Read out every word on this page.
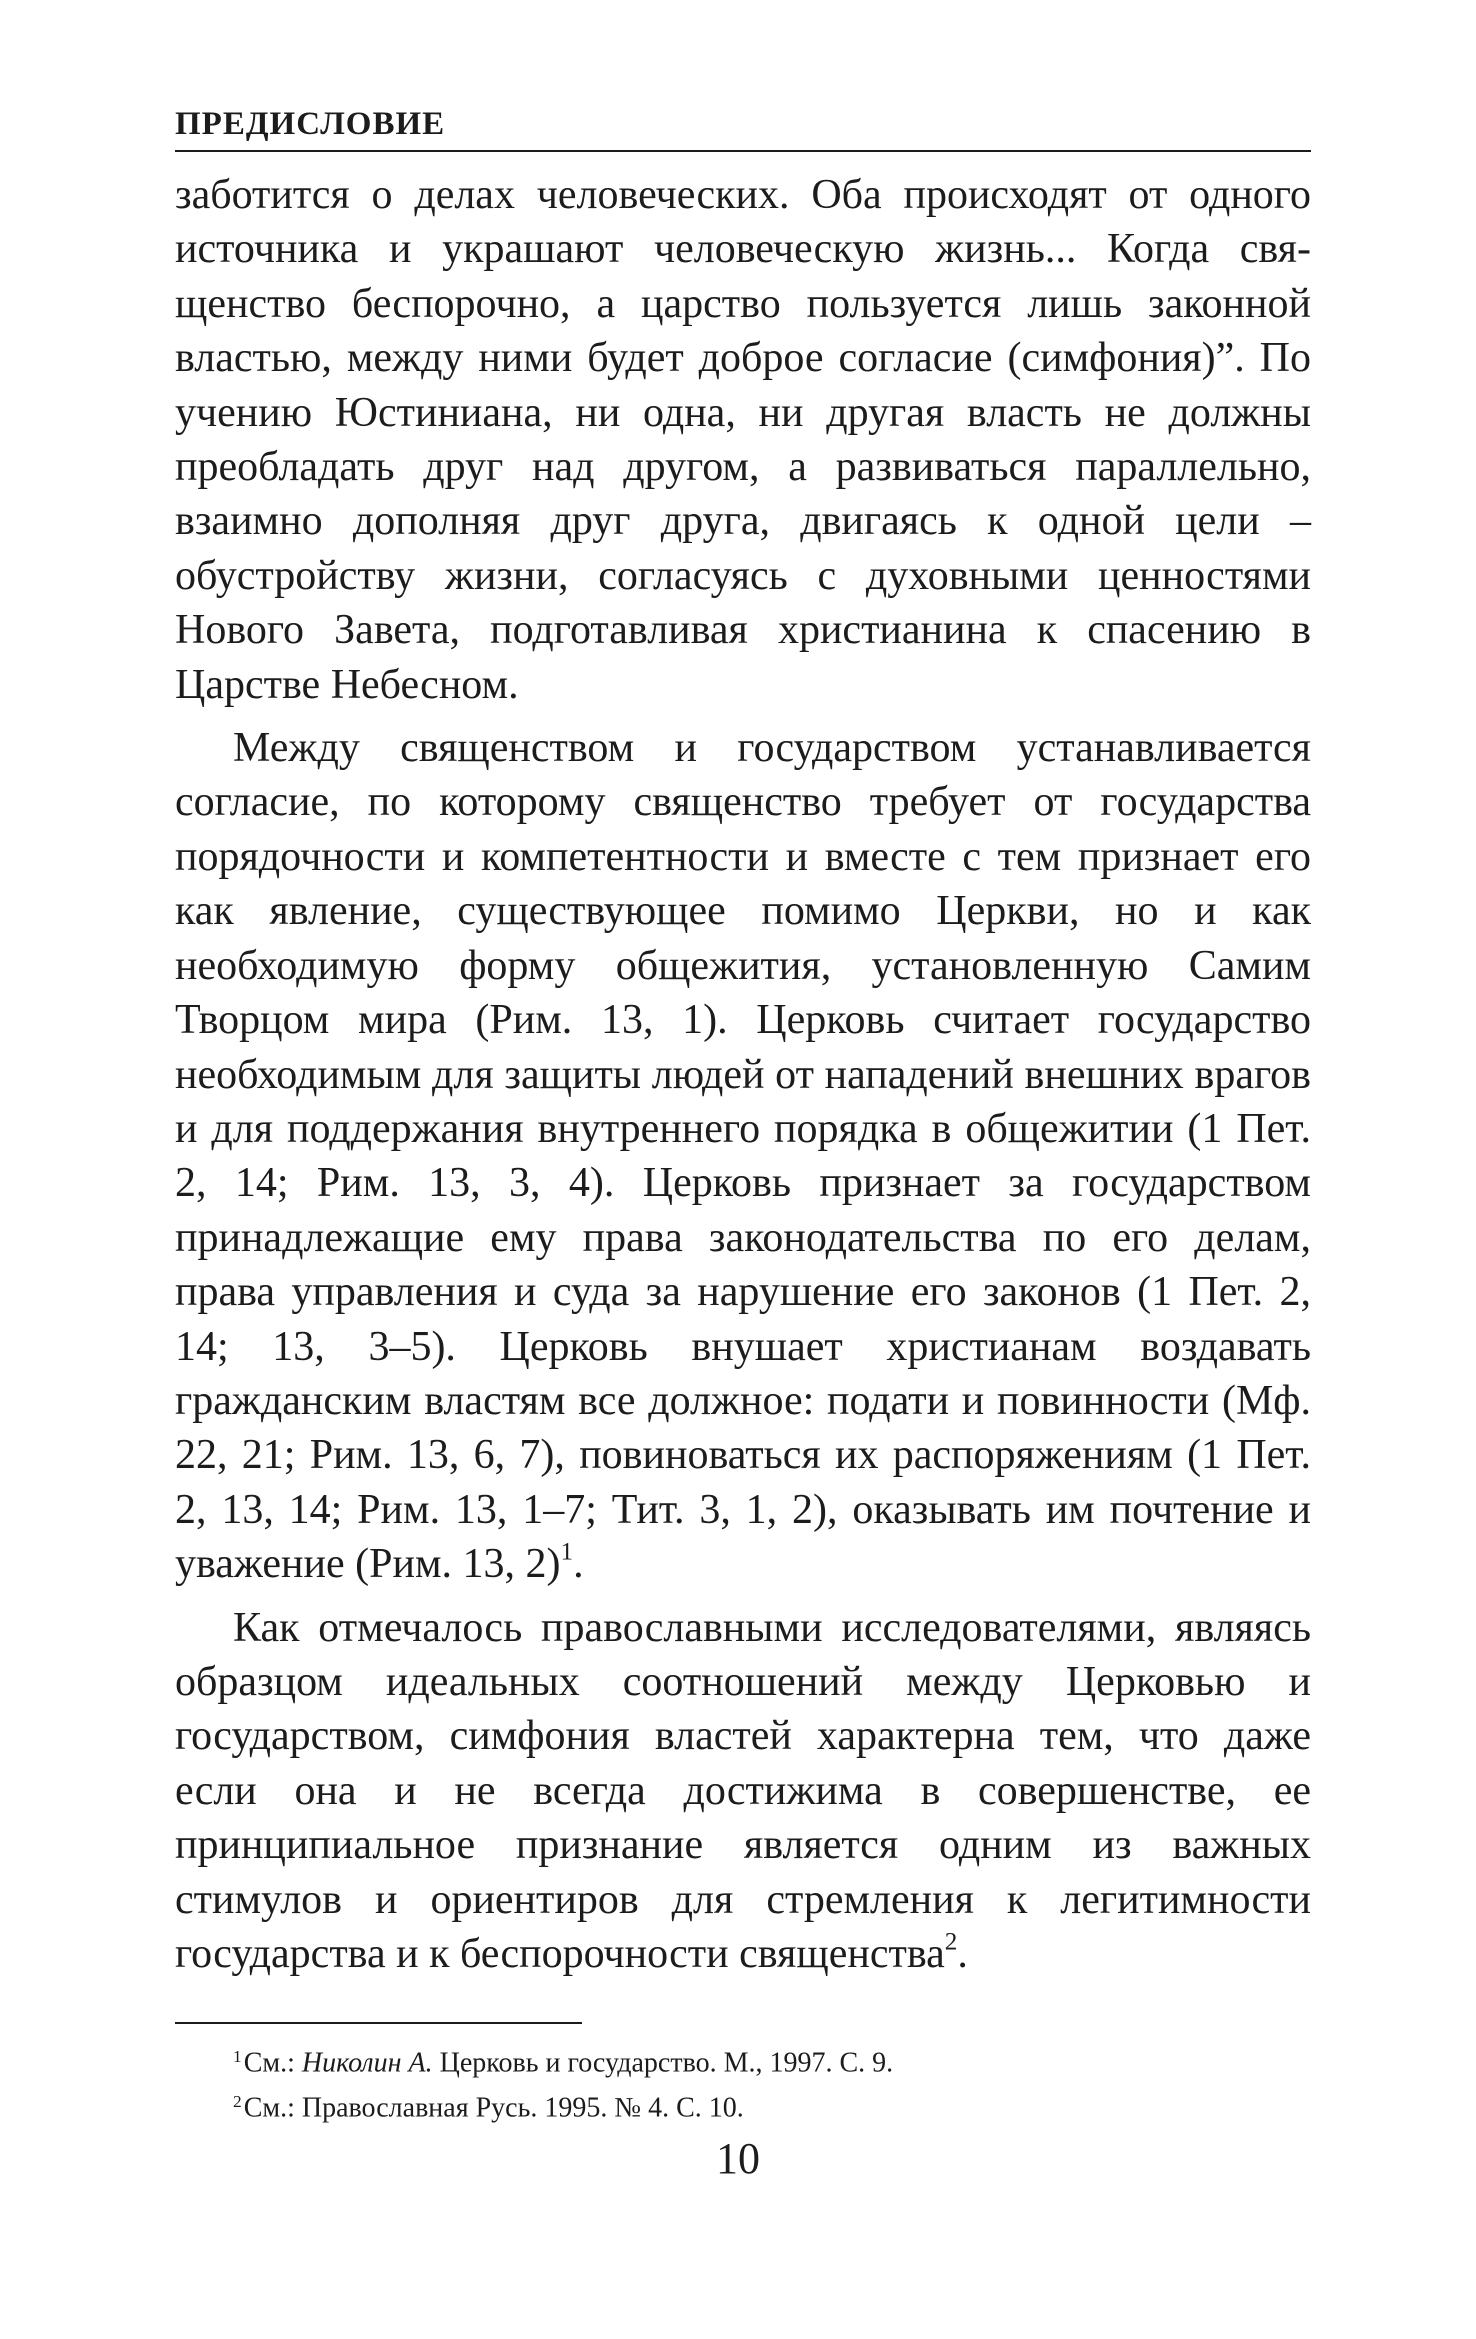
ПРЕДИСЛОВИЕ

заботится о делах человеческих. Оба происходят от одного источника и украшают человеческую жизнь... Когда священство беспорочно, а царство пользуется лишь законной властью, между ними будет доброе согласие (симфония)”. По учению Юстиниана, ни одна, ни другая власть не должны преобладать друг над другом, а развиваться параллельно, взаимно дополняя друг друга, двигаясь к одной цели – обустройству жизни, согласуясь с духовными ценностями Нового Завета, подготавливая христианина к спасению в Царстве Небесном.

Между священством и государством устанавливается согласие, по которому священство требует от государства порядочности и компетентности и вместе с тем признает его как явление, существующее помимо Церкви, но и как необходимую форму общежития, установленную Самим Творцом мира (Рим. 13, 1). Церковь считает государство необходимым для защиты людей от нападений внешних врагов и для поддержания внутреннего порядка в общежитии (1 Пет. 2, 14; Рим. 13, 3, 4). Церковь признает за государством принадлежащие ему права законодательства по его делам, права управления и суда за нарушение его законов (1 Пет. 2, 14; 13, 3–5). Церковь внушает христианам воздавать гражданским властям все должное: подати и повинности (Мф. 22, 21; Рим. 13, 6, 7), повиноваться их распоряжениям (1 Пет. 2, 13, 14; Рим. 13, 1–7; Тит. 3, 1, 2), оказывать им почтение и уважение (Рим. 13, 2)$^1$.

Как отмечалось православными исследователями, являясь образцом идеальных соотношений между Церковью и государством, симфония властей характерна тем, что даже если она и не всегда достижима в совершенстве, ее принципиальное признание является одним из важных стимулов и ориентиров для стремления к легитимности государства и к беспорочности священства$^2$.

$^1$См.: Николин А. Церковь и государство. М., 1997. С. 9.
$^2$См.: Православная Русь. 1995. № 4. С. 10.
10
